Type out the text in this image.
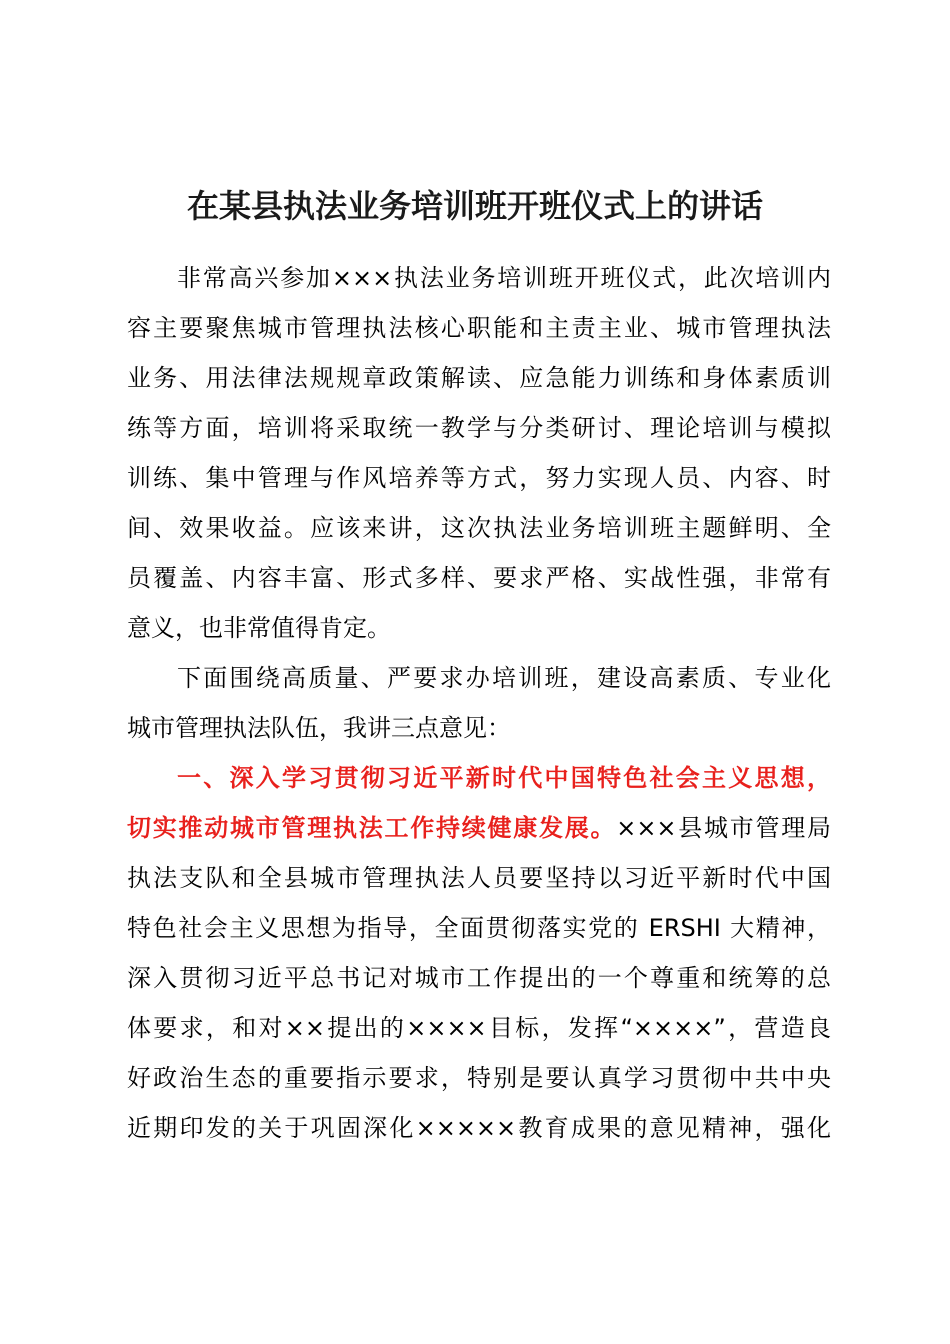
在某县执法业务培训班开班仪式上的讲话
非常高兴参加×××执法业务培训班开班仪式，此次培训内
容主要聚焦城市管理执法核心职能和主责主业、城市管理执法
业务、用法律法规规章政策解读、应急能力训练和身体素质训
练等方面，培训将采取统一教学与分类研讨、理论培训与模拟
训练、集中管理与作风培养等方式，努力实现人员、内容、时
间、效果收益。应该来讲，这次执法业务培训班主题鲜明、全
员覆盖、内容丰富、形式多样、要求严格、实战性强，非常有
意义，也非常值得肯定。
下面围绕高质量、严要求办培训班，建设高素质、专业化
城市管理执法队伍，我讲三点意见：
一、深入学习贯彻习近平新时代中国特色社会主义思想，
切实推动城市管理执法工作持续健康发展。×××县城市管理局
执法支队和全县城市管理执法人员要坚持以习近平新时代中国
特色社会主义思想为指导，全面贯彻落实党的 ERSHI 大精神，
深入贯彻习近平总书记对城市工作提出的一个尊重和统筹的总
体要求，和对××提出的××××目标，发挥“××××”，营造良
好政治生态的重要指示要求，特别是要认真学习贯彻中共中央
近期印发的关于巩固深化×××××教育成果的意见精神，强化
